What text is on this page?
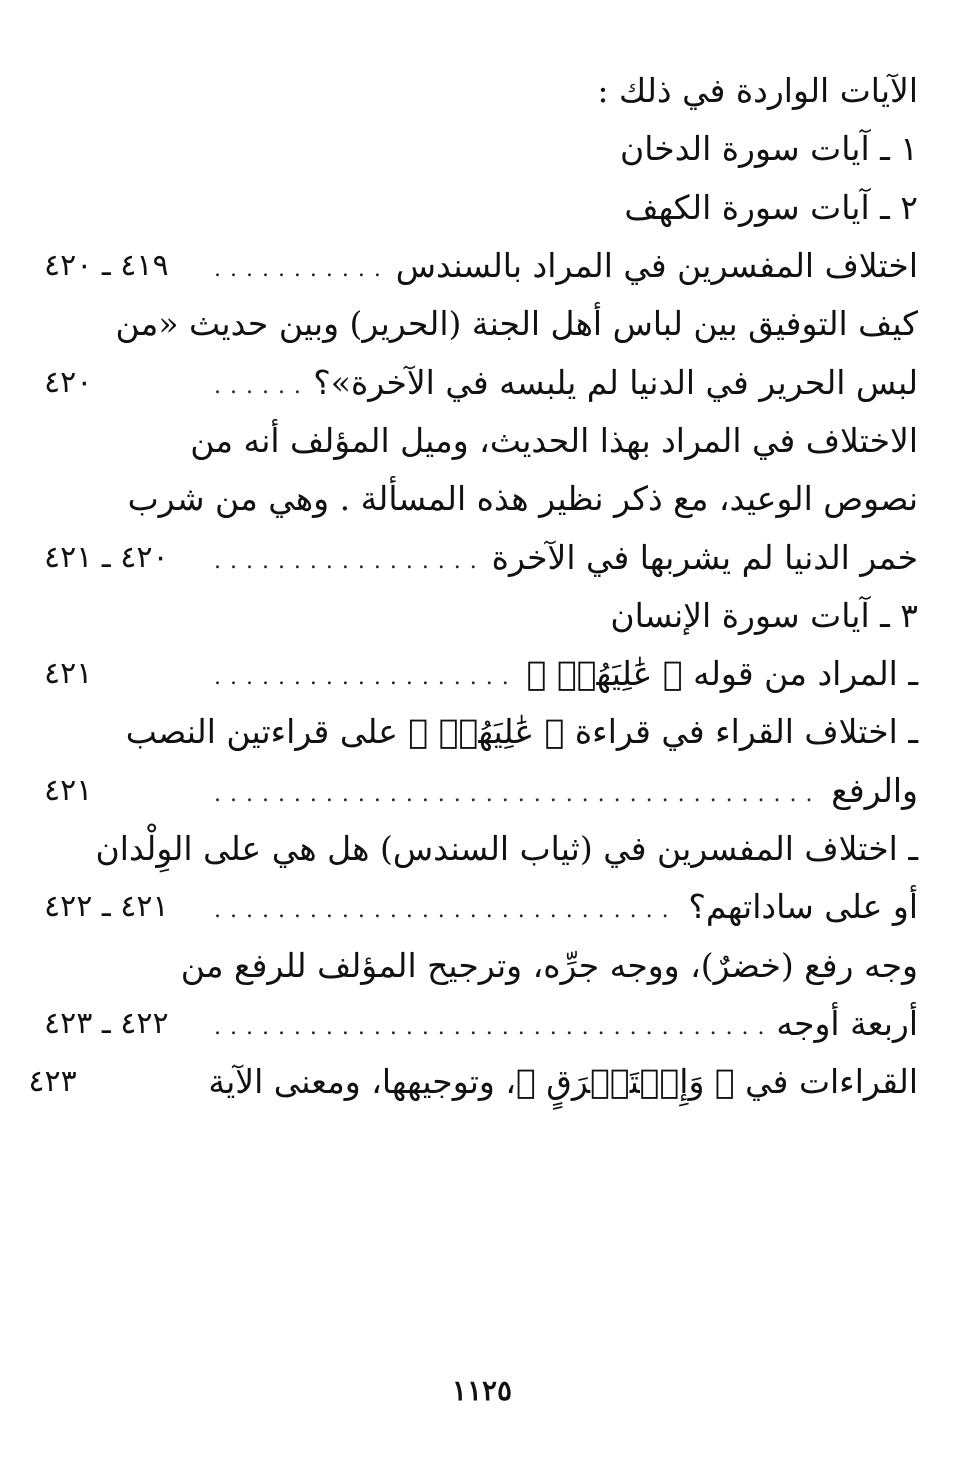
الآيات الواردة في ذلك :
١ ـ آيات سورة الدخان
٢ ـ آيات سورة الكهف
اختلاف المفسرين في المراد بالسندس
. . .
٤١٩ ـ ٤٢٠
كيف التوفيق بين لباس أهل الجنة (الحرير) وبين حديث «من
لبس الحرير في الدنيا لم يلبسه في الآخرة»؟
. . .
٤٢٠
الاختلاف في المراد بهذا الحديث، وميل المؤلف أنه من
نصوص الوعيد، مع ذكر نظير هذه المسألة . وهي من شرب
خمر الدنيا لم يشربها في الآخرة
. . .
٤٢٠ ـ ٤٢١
٣ ـ آيات سورة الإنسان
ـ المراد من قوله ﴿ عَٰلِيَهُمۡ ﴾
. . .
٤٢١
ـ اختلاف القراء في قراءة ﴿ عَٰلِيَهُمۡ ﴾ على قراءتين النصب
والرفع
. . .
٤٢١
ـ اختلاف المفسرين في (ثياب السندس) هل هي على الوِلْدان
أو على ساداتهم؟
. . .
٤٢١ ـ ٤٢٢
وجه رفع (خضرٌ)، ووجه جرِّه، وترجيح المؤلف للرفع من
أربعة أوجه
. . .
٤٢٢ ـ ٤٢٣
القراءات في ﴿ وَإِسۡتَبۡرَقٍ ﴾، وتوجيهها، ومعنى الآية
٤٢٣
١١٢٥
